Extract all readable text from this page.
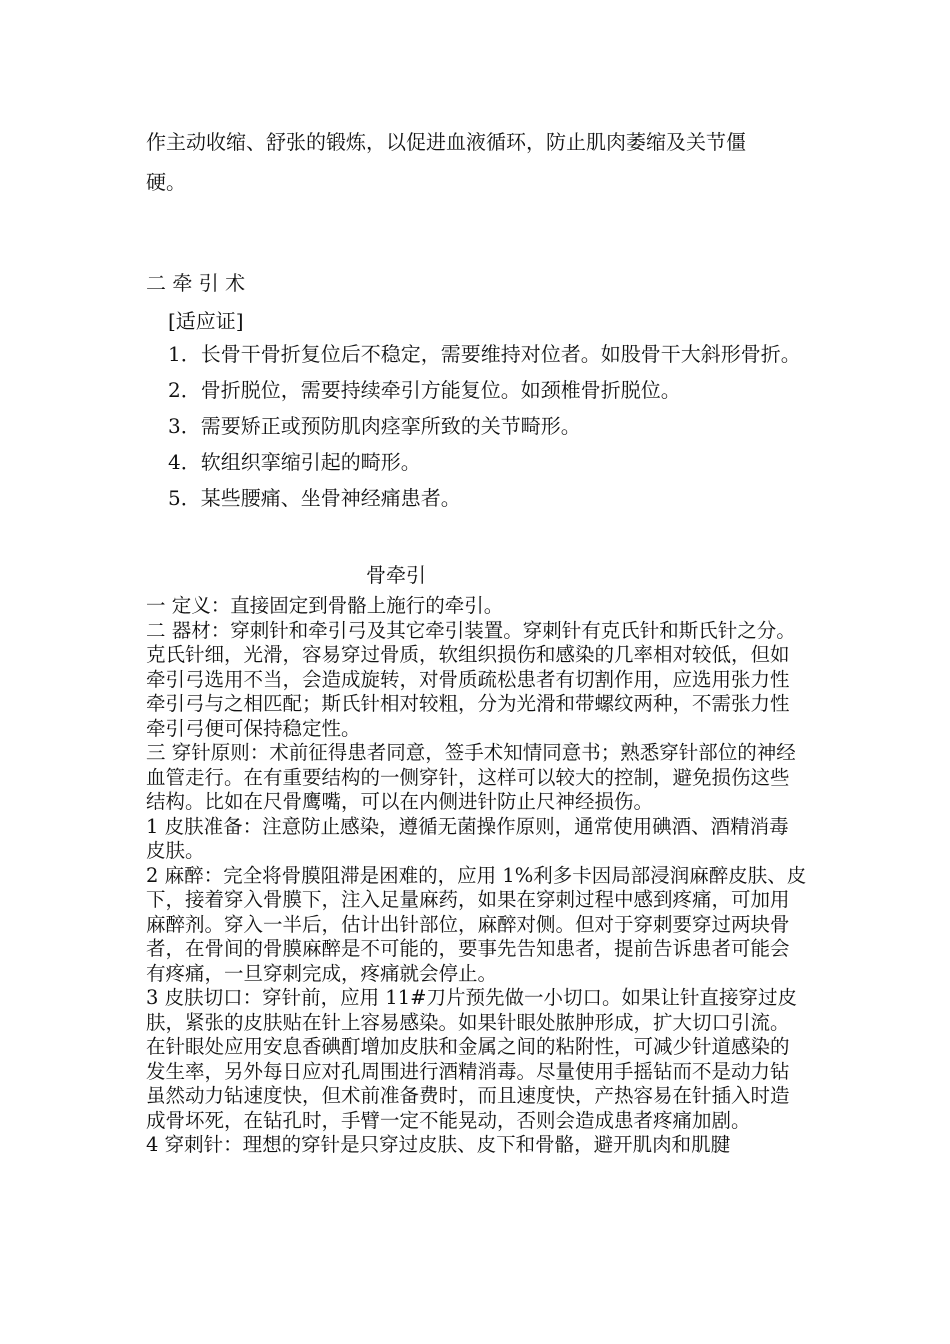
作主动收缩、舒张的锻炼，以促进血液循环，防止肌肉萎缩及关节僵

硬。

二 牵 引 术

[适应证]

1．长骨干骨折复位后不稳定，需要维持对位者。如股骨干大斜形骨折。

2．骨折脱位，需要持续牵引方能复位。如颈椎骨折脱位。

3．需要矫正或预防肌肉痉挛所致的关节畸形。

4．软组织挛缩引起的畸形。

5．某些腰痛、坐骨神经痛患者。

骨牵引

一 定义：直接固定到骨骼上施行的牵引。

二 器材：穿刺针和牵引弓及其它牵引装置。穿刺针有克氏针和斯氏针之分。克氏针细，光滑，容易穿过骨质，软组织损伤和感染的几率相对较低，但如牵引弓选用不当，会造成旋转，对骨质疏松患者有切割作用，应选用张力性牵引弓与之相匹配；斯氏针相对较粗，分为光滑和带螺纹两种，不需张力性牵引弓便可保持稳定性。

三 穿针原则：术前征得患者同意，签手术知情同意书；熟悉穿针部位的神经血管走行。在有重要结构的一侧穿针，这样可以较大的控制，避免损伤这些结构。比如在尺骨鹰嘴，可以在内侧进针防止尺神经损伤。

1 皮肤准备：注意防止感染，遵循无菌操作原则，通常使用碘酒、酒精消毒皮肤。

2 麻醉：完全将骨膜阻滞是困难的，应用 1%利多卡因局部浸润麻醉皮肤、皮下，接着穿入骨膜下，注入足量麻药，如果在穿刺过程中感到疼痛，可加用麻醉剂。穿入一半后，估计出针部位，麻醉对侧。但对于穿刺要穿过两块骨者，在骨间的骨膜麻醉是不可能的，要事先告知患者，提前告诉患者可能会有疼痛，一旦穿刺完成，疼痛就会停止。

3 皮肤切口：穿针前，应用 11#刀片预先做一小切口。如果让针直接穿过皮肤，紧张的皮肤贴在针上容易感染。如果针眼处脓肿形成，扩大切口引流。在针眼处应用安息香碘酊增加皮肤和金属之间的粘附性，可减少针道感染的发生率，另外每日应对孔周围进行酒精消毒。尽量使用手摇钻而不是动力钻 虽然动力钻速度快，但术前准备费时，而且速度快，产热容易在针插入时造成骨坏死，在钻孔时，手臂一定不能晃动，否则会造成患者疼痛加剧。

4 穿刺针：理想的穿针是只穿过皮肤、皮下和骨骼，避开肌肉和肌腱
